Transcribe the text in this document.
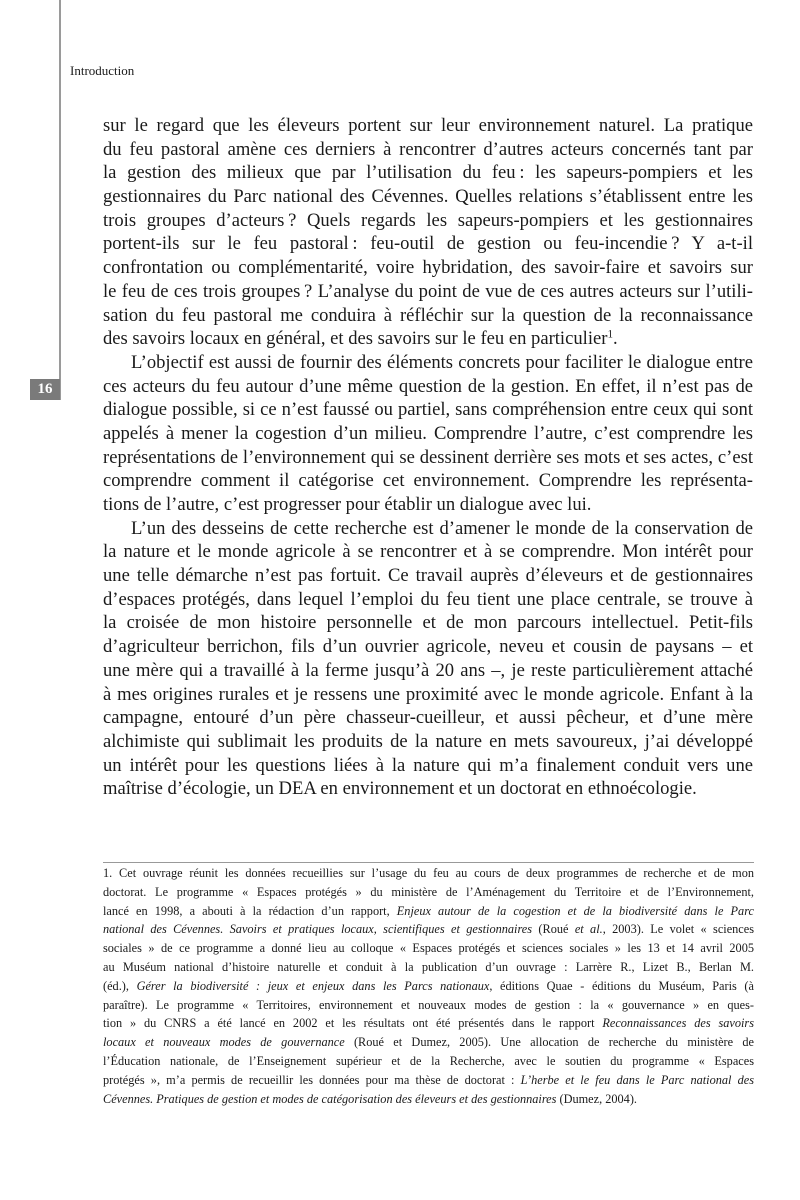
16
Introduction
sur le regard que les éleveurs portent sur leur environnement naturel. La pratique
du feu pastoral amène ces derniers à rencontrer d’autres acteurs concernés tant par
la gestion des milieux que par l’utilisation du feu : les sapeurs-pompiers et les
gestionnaires du Parc national des Cévennes. Quelles relations s’établissent entre les
trois groupes d’acteurs ? Quels regards les sapeurs-pompiers et les gestionnaires
portent-ils sur le feu pastoral : feu-outil de gestion ou feu-incendie ? Y a-t-il
confrontation ou complémentarité, voire hybridation, des savoir-faire et savoirs sur
le feu de ces trois groupes ? L’analyse du point de vue de ces autres acteurs sur l’utili-
sation du feu pastoral me conduira à réfléchir sur la question de la reconnaissance
des savoirs locaux en général, et des savoirs sur le feu en particulier$^1$.
L’objectif est aussi de fournir des éléments concrets pour faciliter le dialogue entre
ces acteurs du feu autour d’une même question de la gestion. En effet, il n’est pas de
dialogue possible, si ce n’est faussé ou partiel, sans compréhension entre ceux qui sont
appelés à mener la cogestion d’un milieu. Comprendre l’autre, c’est comprendre les
représentations de l’environnement qui se dessinent derrière ses mots et ses actes, c’est
comprendre comment il catégorise cet environnement. Comprendre les représenta-
tions de l’autre, c’est progresser pour établir un dialogue avec lui.
L’un des desseins de cette recherche est d’amener le monde de la conservation de
la nature et le monde agricole à se rencontrer et à se comprendre. Mon intérêt pour
une telle démarche n’est pas fortuit. Ce travail auprès d’éleveurs et de gestionnaires
d’espaces protégés, dans lequel l’emploi du feu tient une place centrale, se trouve à
la croisée de mon histoire personnelle et de mon parcours intellectuel. Petit-fils
d’agriculteur berrichon, fils d’un ouvrier agricole, neveu et cousin de paysans – et
une mère qui a travaillé à la ferme jusqu’à 20 ans –, je reste particulièrement attaché
à mes origines rurales et je ressens une proximité avec le monde agricole. Enfant à la
campagne, entouré d’un père chasseur-cueilleur, et aussi pêcheur, et d’une mère
alchimiste qui sublimait les produits de la nature en mets savoureux, j’ai développé
un intérêt pour les questions liées à la nature qui m’a finalement conduit vers une
maîtrise d’écologie, un DEA en environnement et un doctorat en ethnoécologie.
1. Cet ouvrage réunit les données recueillies sur l’usage du feu au cours de deux programmes de recherche et de mon
doctorat. Le programme « Espaces protégés » du ministère de l’Aménagement du Territoire et de l’Environnement,
lancé en 1998, a abouti à la rédaction d’un rapport, Enjeux autour de la cogestion et de la biodiversité dans le Parc
national des Cévennes. Savoirs et pratiques locaux, scientifiques et gestionnaires (Roué et al., 2003). Le volet « sciences
sociales » de ce programme a donné lieu au colloque « Espaces protégés et sciences sociales » les 13 et 14 avril 2005
au Muséum national d’histoire naturelle et conduit à la publication d’un ouvrage : Larrère R., Lizet B., Berlan M.
(éd.), Gérer la biodiversité : jeux et enjeux dans les Parcs nationaux, éditions Quae - éditions du Muséum, Paris (à
paraître). Le programme « Territoires, environnement et nouveaux modes de gestion : la « gouvernance » en ques-
tion » du CNRS a été lancé en 2002 et les résultats ont été présentés dans le rapport Reconnaissances des savoirs
locaux et nouveaux modes de gouvernance (Roué et Dumez, 2005). Une allocation de recherche du ministère de
l’Éducation nationale, de l’Enseignement supérieur et de la Recherche, avec le soutien du programme « Espaces
protégés », m’a permis de recueillir les données pour ma thèse de doctorat : L’herbe et le feu dans le Parc national des
Cévennes. Pratiques de gestion et modes de catégorisation des éleveurs et des gestionnaires (Dumez, 2004).
